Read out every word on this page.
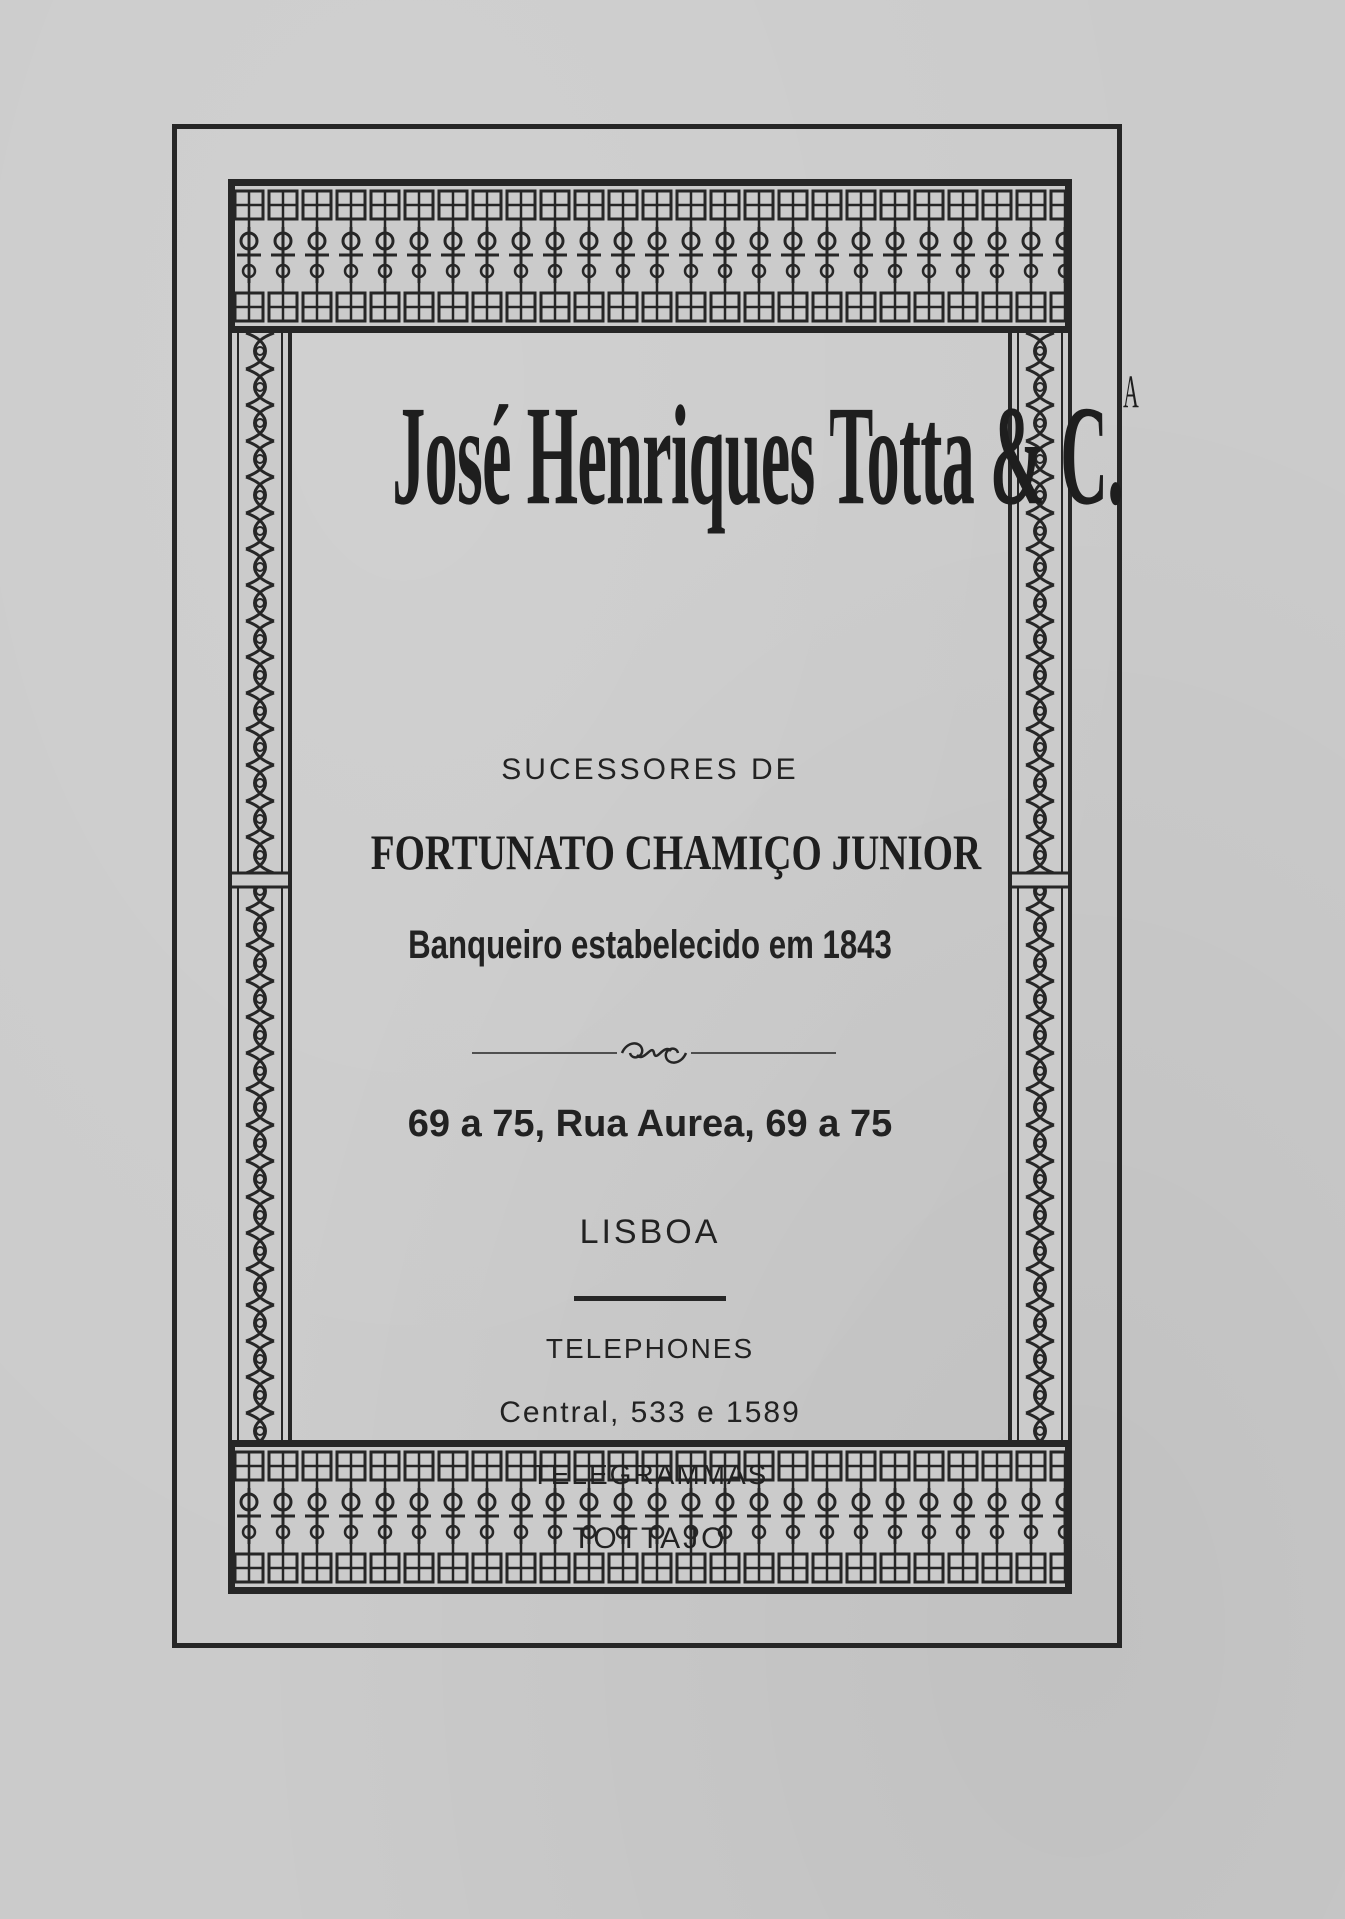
José Henriques Totta & C.$^A$
SUCESSORES DE
FORTUNATO CHAMIÇO JUNIOR
Banqueiro estabelecido em 1843
69 a 75, Rua Aurea, 69 a 75
LISBOA
TELEPHONES
Central, 533 e 1589
TELEGRAMMAS
TOTTAJO
